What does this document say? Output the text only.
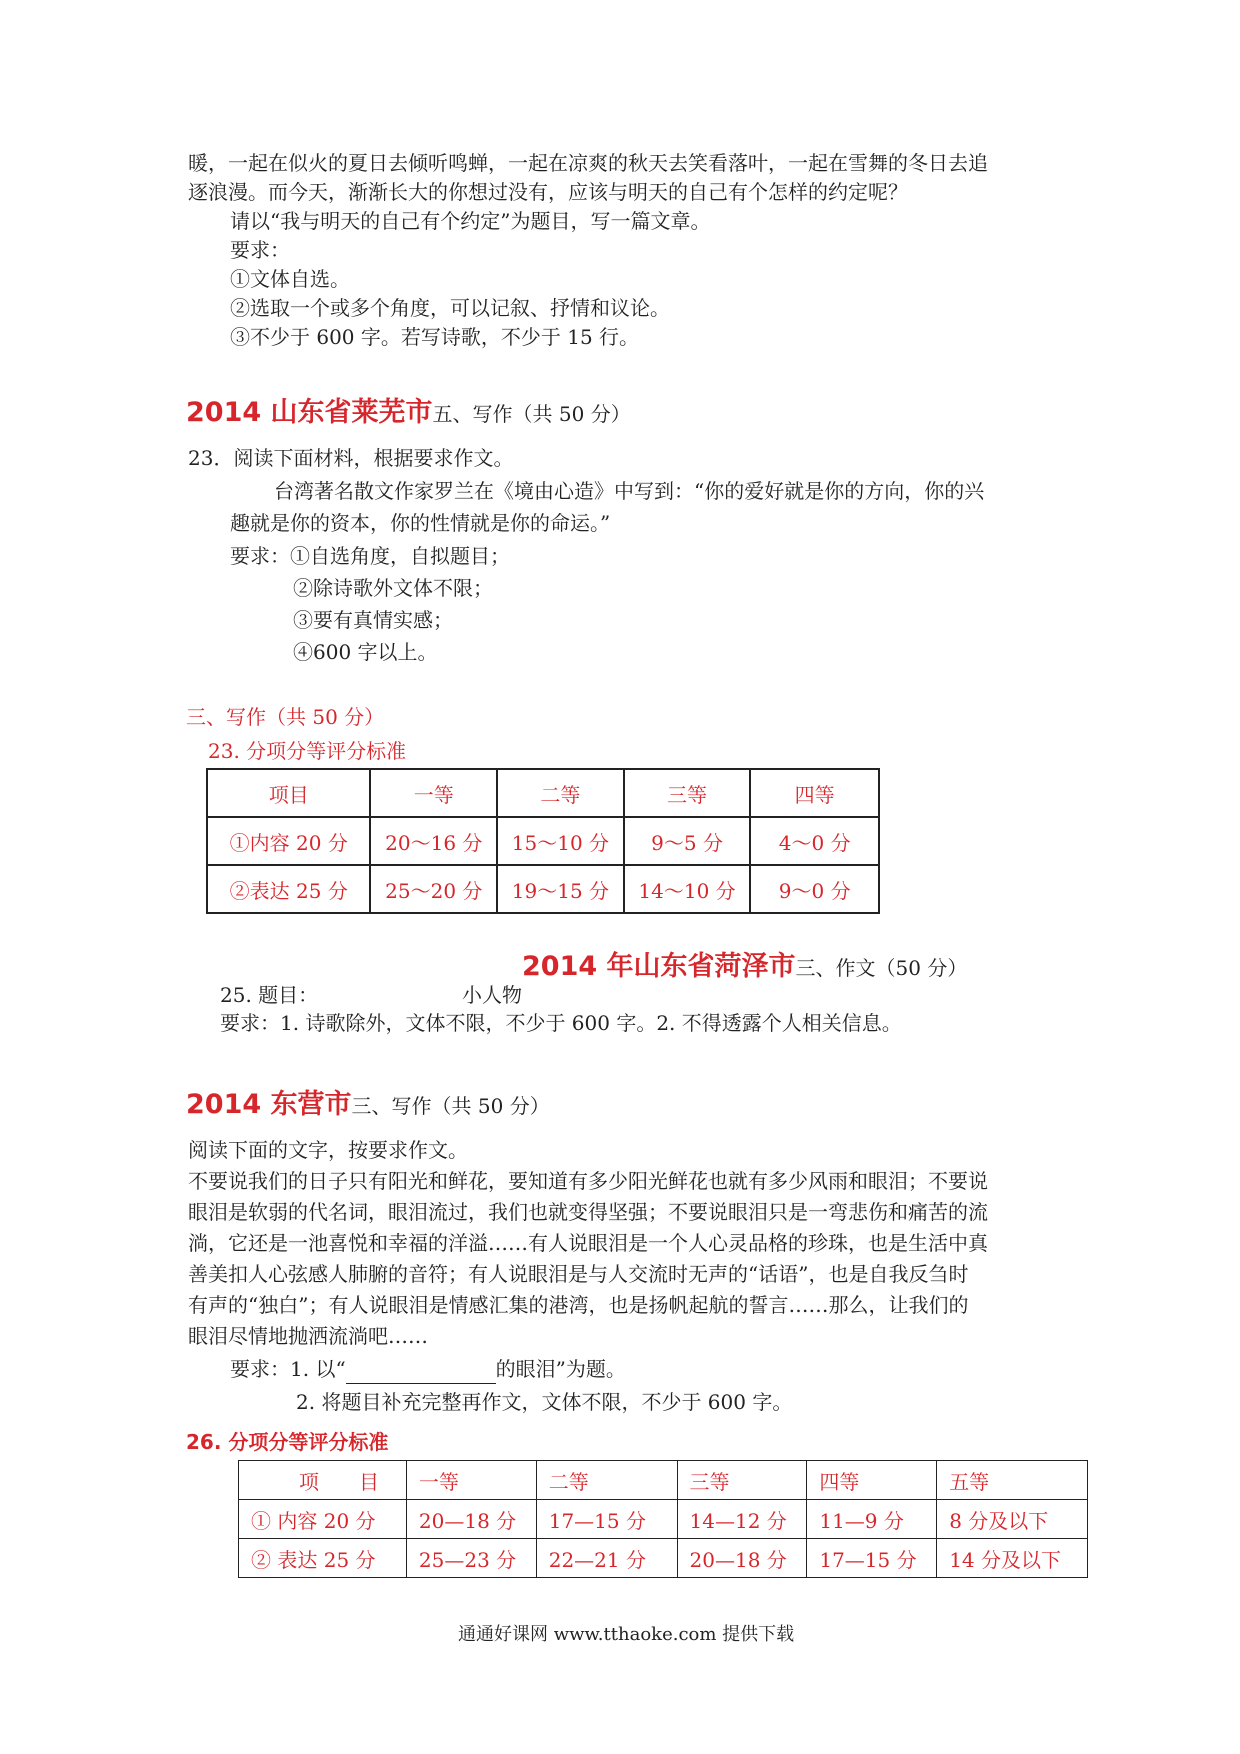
暖，一起在似火的夏日去倾听鸣蝉，一起在凉爽的秋天去笑看落叶，一起在雪舞的冬日去追
逐浪漫。而今天，渐渐长大的你想过没有，应该与明天的自己有个怎样的约定呢？
请以“我与明天的自己有个约定”为题目，写一篇文章。
要求：
①文体自选。
②选取一个或多个角度，可以记叙、抒情和议论。
③不少于 600 字。若写诗歌，不少于 15 行。
2014 山东省莱芜市五、写作（共 50 分）
23．阅读下面材料，根据要求作文。
台湾著名散文作家罗兰在《境由心造》中写到：“你的爱好就是你的方向，你的兴
趣就是你的资本，你的性情就是你的命运。”
要求：①自选角度，自拟题目；
②除诗歌外文体不限；
③要有真情实感；
④600 字以上。
三、写作（共 50 分）
23. 分项分等评分标准
项目	一等	二等	三等	四等
①内容 20 分	20～16 分	15～10 分	9～5 分	4～0 分
②表达 25 分	25～20 分	19～15 分	14～10 分	9～0 分
2014 年山东省菏泽市三、作文（50 分）
25. 题目：	小人物
要求：1. 诗歌除外，文体不限，不少于 600 字。2. 不得透露个人相关信息。
2014 东营市三、写作（共 50 分）
阅读下面的文字，按要求作文。
不要说我们的日子只有阳光和鲜花，要知道有多少阳光鲜花也就有多少风雨和眼泪；不要说
眼泪是软弱的代名词，眼泪流过，我们也就变得坚强；不要说眼泪只是一弯悲伤和痛苦的流
淌，它还是一池喜悦和幸福的洋溢……有人说眼泪是一个人心灵品格的珍珠，也是生活中真
善美扣人心弦感人肺腑的音符；有人说眼泪是与人交流时无声的“话语”，也是自我反刍时
有声的“独白”；有人说眼泪是情感汇集的港湾，也是扬帆起航的誓言……那么，让我们的
眼泪尽情地抛洒流淌吧……
要求：1. 以“	的眼泪”为题。
2. 将题目补充完整再作文，文体不限，不少于 600 字。
26. 分项分等评分标准
项　　目	一等	二等	三等	四等	五等
① 内容 20 分	20—18 分	17—15 分	14—12 分	11—9 分	8 分及以下
② 表达 25 分	25—23 分	22—21 分	20—18 分	17—15 分	14 分及以下
通通好课网 www.tthaoke.com 提供下载
